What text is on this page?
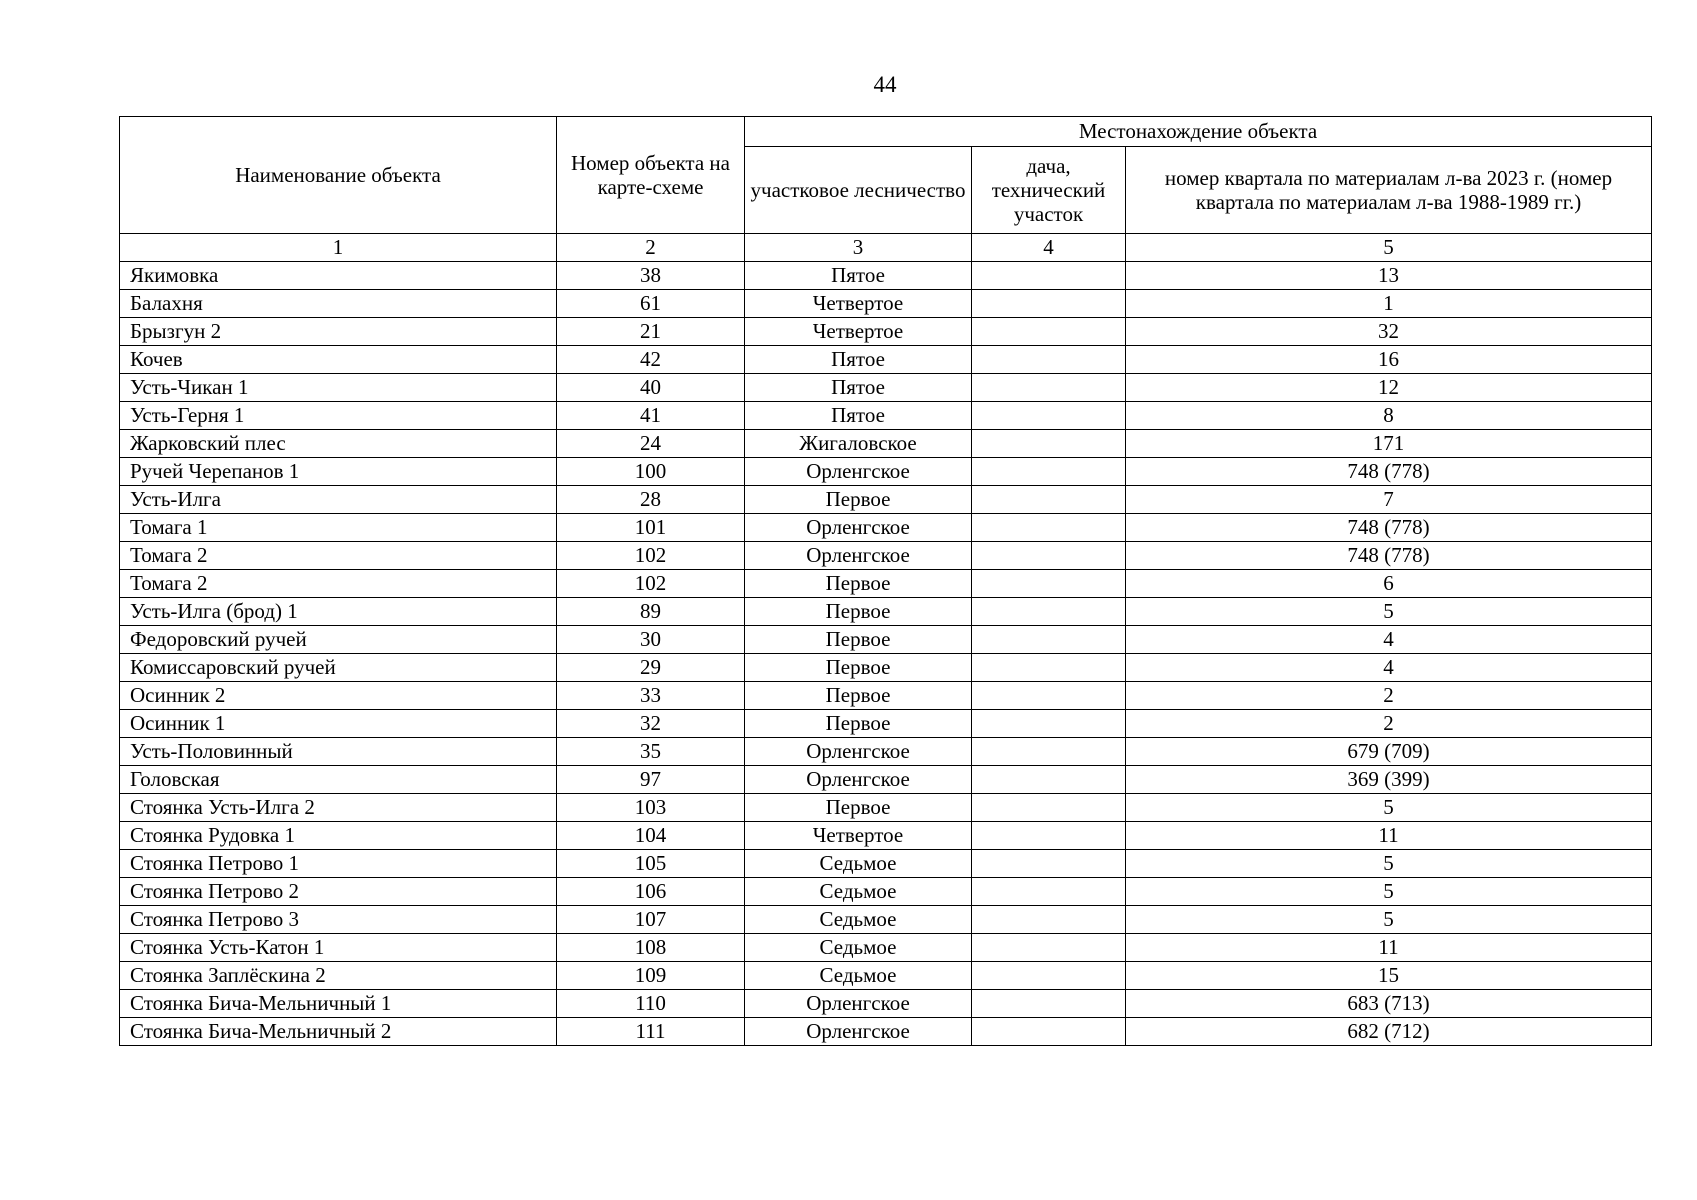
44
Наименование объекта	Номер объекта на карте-схеме	Местонахождение объекта		
		участковое лесничество	дача, технический участок	номер квартала по материалам л-ва 2023 г. (номер квартала по материалам л-ва 1988-1989 гг.)
1	2	3	4	5
Якимовка	38	Пятое		13
Балахня	61	Четвертое		1
Брызгун 2	21	Четвертое		32
Кочев	42	Пятое		16
Усть-Чикан 1	40	Пятое		12
Усть-Герня 1	41	Пятое		8
Жарковский плес	24	Жигаловское		171
Ручей Черепанов 1	100	Орленгское		748 (778)
Усть-Илга	28	Первое		7
Томага 1	101	Орленгское		748 (778)
Томага 2	102	Орленгское		748 (778)
Томага 2	102	Первое		6
Усть-Илга (брод) 1	89	Первое		5
Федоровский ручей	30	Первое		4
Комиссаровский ручей	29	Первое		4
Осинник 2	33	Первое		2
Осинник 1	32	Первое		2
Усть-Половинный	35	Орленгское		679 (709)
Головская	97	Орленгское		369 (399)
Стоянка Усть-Илга 2	103	Первое		5
Стоянка Рудовка 1	104	Четвертое		11
Стоянка Петрово 1	105	Седьмое		5
Стоянка Петрово 2	106	Седьмое		5
Стоянка Петрово 3	107	Седьмое		5
Стоянка Усть-Катон 1	108	Седьмое		11
Стоянка Заплёскина 2	109	Седьмое		15
Стоянка Бича-Мельничный 1	110	Орленгское		683 (713)
Стоянка Бича-Мельничный 2	111	Орленгское		682 (712)
